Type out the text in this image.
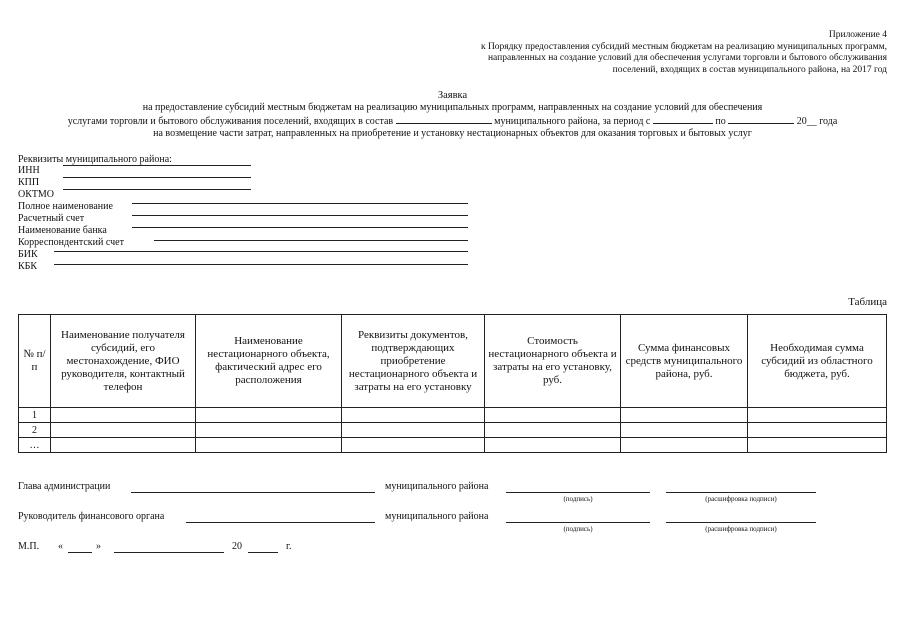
Приложение 4
к Порядку предоставления субсидий местным бюджетам на реализацию муниципальных программ,
направленных на создание условий для обеспечения услугами торговли и бытового обслуживания
поселений, входящих в состав муниципального района, на 2017 год
Заявка
на предоставление субсидий местным бюджетам на реализацию муниципальных программ, направленных на создание условий для обеспечения
услугами торговли и бытового обслуживания поселений, входящих в состав	муниципального района, за период с	по	20__ года
на возмещение части затрат, направленных на приобретение и установку нестационарных объектов для оказания торговых и бытовых услуг
Реквизиты муниципального района:
ИНН
КПП
ОКТМО
Полное наименование
Расчетный счет
Наименование банка
Корреспондентский счет
БИК
КБК
Таблица
№ п/п	Наименование получателя субсидий, его местонахождение, ФИО руководителя, контактный телефон	Наименование нестационарного объекта, фактический адрес его расположения	Реквизиты документов, подтверждающих приобретение нестационарного объекта и затраты на его установку	Стоимость нестационарного объекта и затраты на его установку, руб.	Сумма финансовых средств муниципального района, руб.	Необходимая сумма субсидий из областного бюджета, руб.
1						
2						
…						
Глава администрации	муниципального района
(подпись)	(расшифровка подписи)
Руководитель финансового органа	муниципального района
(подпись)	(расшифровка подписи)
М.П. «	»	20	г.
